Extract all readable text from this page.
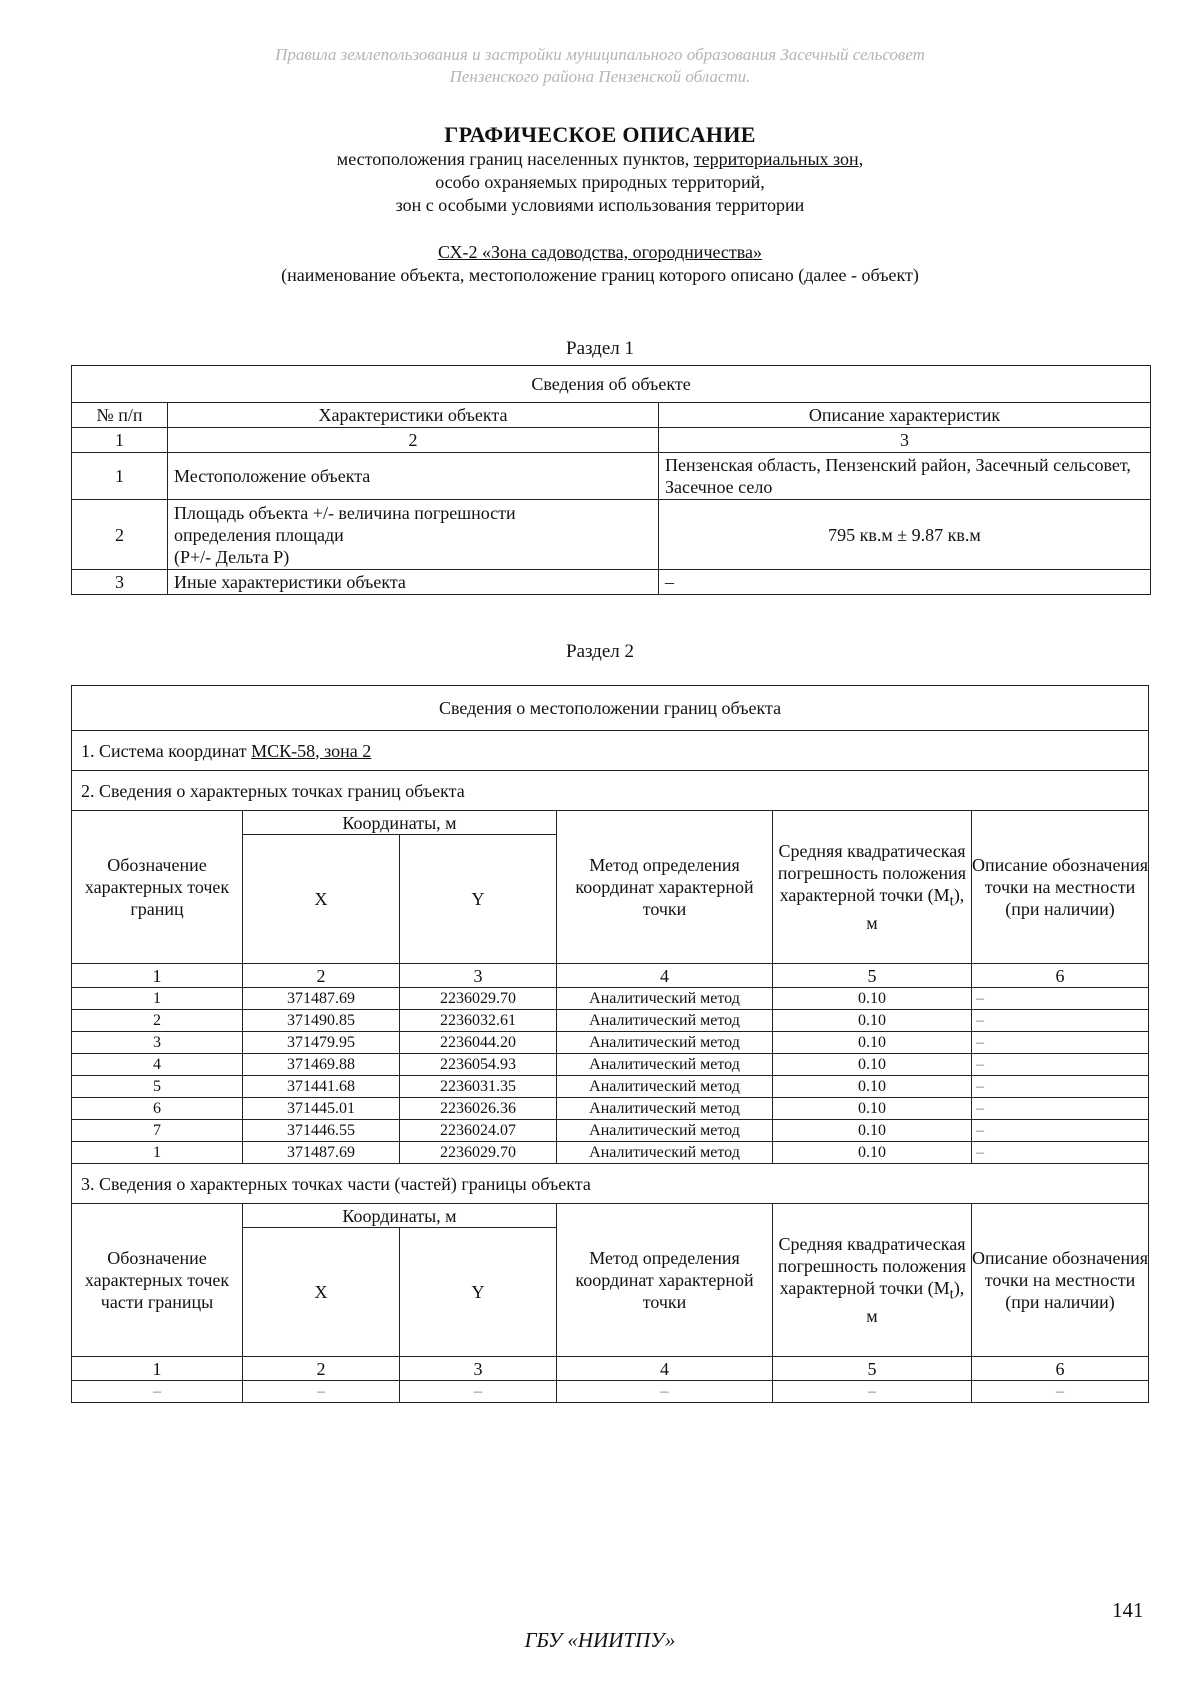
Правила землепользования и застройки муниципального образования Засечный сельсовет
Пензенского района Пензенской области.
ГРАФИЧЕСКОЕ ОПИСАНИЕ
местоположения границ населенных пунктов, территориальных зон,
особо охраняемых природных территорий,
зон с особыми условиями использования территории
СХ-2 «Зона садоводства, огородничества»
(наименование объекта, местоположение границ которого описано (далее - объект)
Раздел 1
Сведения об объекте		
№ п/п	Характеристики объекта	Описание характеристик
1	2	3
1	Местоположение объекта	Пензенская область, Пензенский район, Засечный сельсовет, Засечное село
2	Площадь объекта +/- величина погрешности
определения площади
(Р+/- Дельта Р)	795 кв.м ± 9.87 кв.м
3	Иные характеристики объекта	–
Раздел 2
Сведения о местоположении границ объекта					
1. Система координат МСК-58, зона 2					
2. Сведения о характерных точках границ объекта					
Обозначение характерных точек границ	Координаты, м		Метод определения координат характерной точки	Средняя квадратическая погрешность положения характерной точки $(M_t)$, м	Описание обозначения точки на местности (при наличии)
	X	Y			
1	2	3	4	5	6
1	371487.69	2236029.70	Аналитический метод	0.10	–
2	371490.85	2236032.61	Аналитический метод	0.10	–
3	371479.95	2236044.20	Аналитический метод	0.10	–
4	371469.88	2236054.93	Аналитический метод	0.10	–
5	371441.68	2236031.35	Аналитический метод	0.10	–
6	371445.01	2236026.36	Аналитический метод	0.10	–
7	371446.55	2236024.07	Аналитический метод	0.10	–
1	371487.69	2236029.70	Аналитический метод	0.10	–
3. Сведения о характерных точках части (частей) границы объекта					
Обозначение характерных точек части границы	Координаты, м		Метод определения координат характерной точки	Средняя квадратическая погрешность положения характерной точки $(M_t)$, м	Описание обозначения точки на местности (при наличии)
	X	Y			
1	2	3	4	5	6
–	–	–	–	–	–
141
ГБУ «НИИТПУ»
